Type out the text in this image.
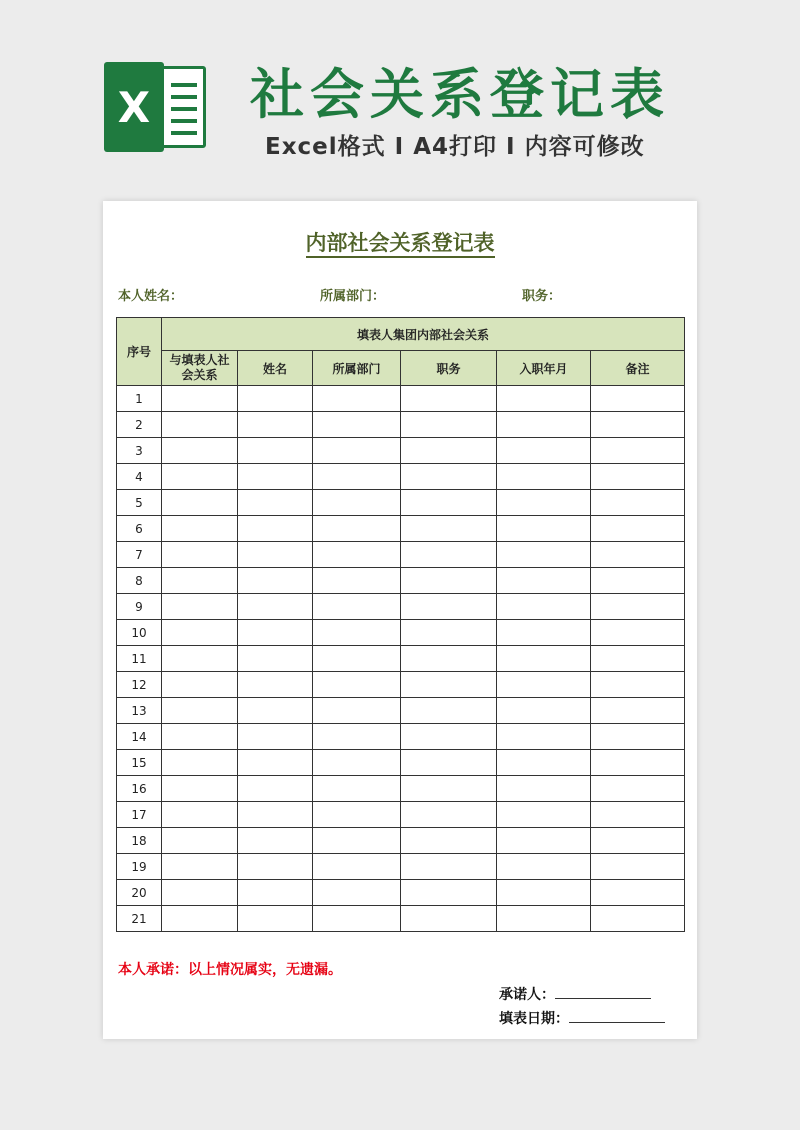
X 社会关系登记表
Excel格式 I A4打印 I 内容可修改
内部社会关系登记表
本人姓名：	所属部门：	职务：
序号	填表人集团内部社会关系					
	与填表人社会关系	姓名	所属部门	职务	入职年月	备注
1						
2						
3						
4						
5						
6						
7						
8						
9						
10						
11						
12						
13						
14						
15						
16						
17						
18						
19						
20						
21						
本人承诺：以上情况属实，无遗漏。
承诺人：
填表日期：
